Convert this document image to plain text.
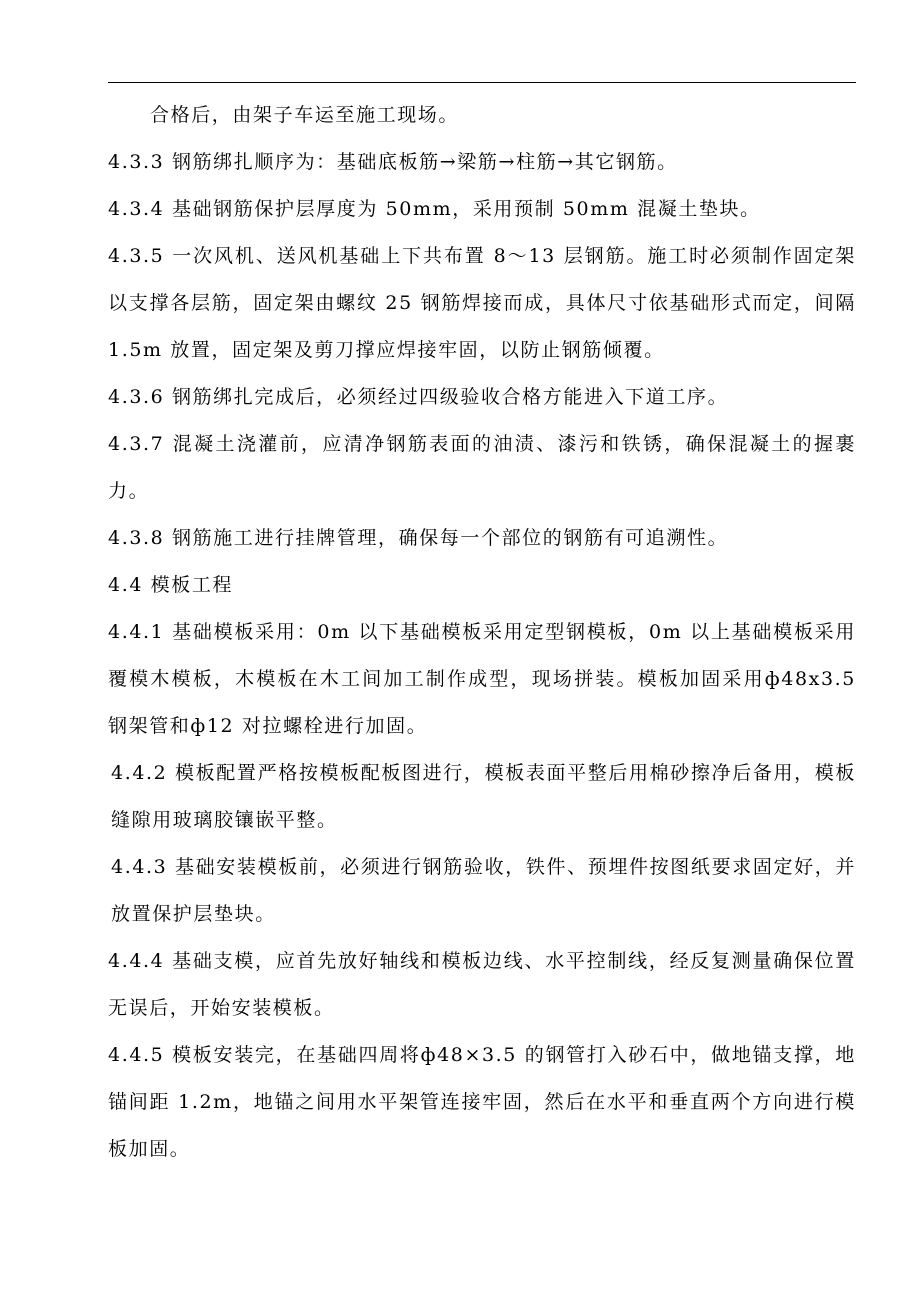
合格后，由架子车运至施工现场。

4.3.3 钢筋绑扎顺序为：基础底板筋→梁筋→柱筋→其它钢筋。

4.3.4 基础钢筋保护层厚度为 50mm，采用预制 50mm 混凝土垫块。

4.3.5 一次风机、送风机基础上下共布置 8～13 层钢筋。施工时必须制作固定架以支撑各层筋，固定架由螺纹 25 钢筋焊接而成，具体尺寸依基础形式而定，间隔 1.5m 放置，固定架及剪刀撑应焊接牢固，以防止钢筋倾覆。

4.3.6 钢筋绑扎完成后，必须经过四级验收合格方能进入下道工序。

4.3.7 混凝土浇灌前，应清净钢筋表面的油渍、漆污和铁锈，确保混凝土的握裹力。

4.3.8 钢筋施工进行挂牌管理，确保每一个部位的钢筋有可追溯性。

4.4 模板工程

4.4.1 基础模板采用：0m 以下基础模板采用定型钢模板，0m 以上基础模板采用覆模木模板，木模板在木工间加工制作成型，现场拼装。模板加固采用ф48x3.5 钢架管和ф12 对拉螺栓进行加固。

4.4.2 模板配置严格按模板配板图进行，模板表面平整后用棉砂擦净后备用，模板缝隙用玻璃胶镶嵌平整。

4.4.3 基础安装模板前，必须进行钢筋验收，铁件、预埋件按图纸要求固定好，并放置保护层垫块。

4.4.4 基础支模，应首先放好轴线和模板边线、水平控制线，经反复测量确保位置无误后，开始安装模板。

4.4.5 模板安装完，在基础四周将ф48×3.5 的钢管打入砂石中，做地锚支撑，地锚间距 1.2m，地锚之间用水平架管连接牢固，然后在水平和垂直两个方向进行模板加固。
